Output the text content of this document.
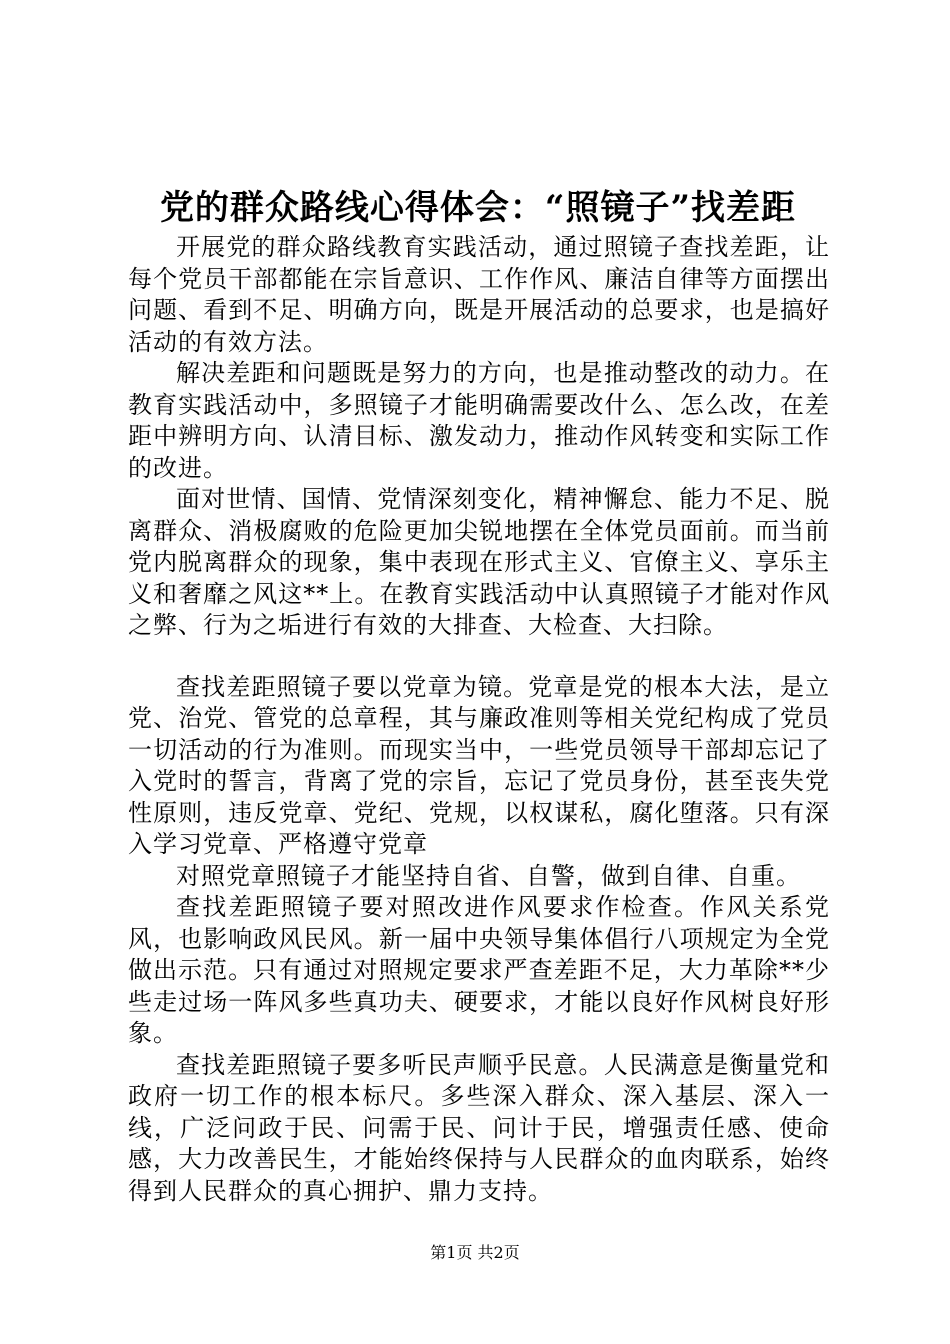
党的群众路线心得体会：“照镜子”找差距

开展党的群众路线教育实践活动，通过照镜子查找差距，让每个党员干部都能在宗旨意识、工作作风、廉洁自律等方面摆出问题、看到不足、明确方向，既是开展活动的总要求，也是搞好活动的有效方法。

解决差距和问题既是努力的方向，也是推动整改的动力。在教育实践活动中，多照镜子才能明确需要改什么、怎么改，在差距中辨明方向、认清目标、激发动力，推动作风转变和实际工作的改进。

面对世情、国情、党情深刻变化，精神懈怠、能力不足、脱离群众、消极腐败的危险更加尖锐地摆在全体党员面前。而当前党内脱离群众的现象，集中表现在形式主义、官僚主义、享乐主义和奢靡之风这**上。在教育实践活动中认真照镜子才能对作风之弊、行为之垢进行有效的大排查、大检查、大扫除。

查找差距照镜子要以党章为镜。党章是党的根本大法，是立党、治党、管党的总章程，其与廉政准则等相关党纪构成了党员一切活动的行为准则。而现实当中，一些党员领导干部却忘记了入党时的誓言，背离了党的宗旨，忘记了党员身份，甚至丧失党性原则，违反党章、党纪、党规，以权谋私，腐化堕落。只有深入学习党章、严格遵守党章

对照党章照镜子才能坚持自省、自警，做到自律、自重。

查找差距照镜子要对照改进作风要求作检查。作风关系党风，也影响政风民风。新一届中央领导集体倡行八项规定为全党做出示范。只有通过对照规定要求严查差距不足，大力革除**少些走过场一阵风多些真功夫、硬要求，才能以良好作风树良好形象。

查找差距照镜子要多听民声顺乎民意。人民满意是衡量党和政府一切工作的根本标尺。多些深入群众、深入基层、深入一线，广泛问政于民、问需于民、问计于民，增强责任感、使命感，大力改善民生，才能始终保持与人民群众的血肉联系，始终得到人民群众的真心拥护、鼎力支持。

第1页 共2页
